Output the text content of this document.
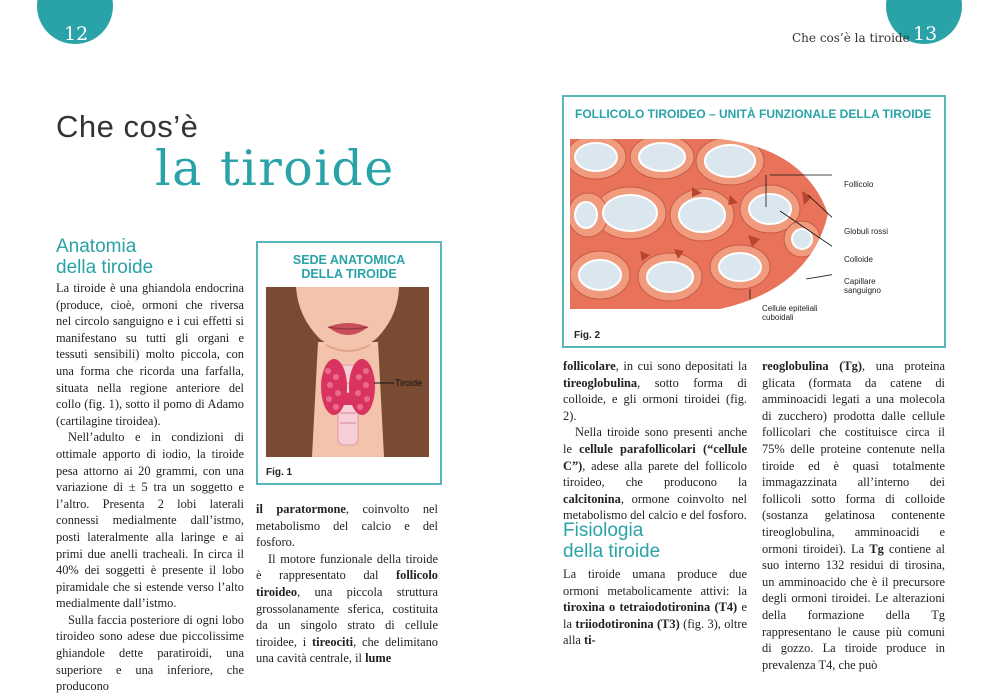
12
Che cos’è
la tiroide
Anatomia
della tiroide

La tiroide è una ghiandola endocrina (produce, cioè, ormoni che riversa nel circolo sanguigno e i cui effetti si manifestano su tutti gli organi e tessuti sensibili) molto piccola, con una forma che ricorda una farfalla, situata nella regione anteriore del collo (fig. 1), sotto il pomo di Adamo (cartilagine tiroidea).

Nell’adulto e in condizioni di ottimale apporto di iodio, la tiroide pesa attorno ai 20 grammi, con una variazione di ± 5 tra un soggetto e l’altro. Presenta 2 lobi laterali connessi medialmente dall’istmo, posti lateralmente alla laringe e ai primi due anelli tracheali. In circa il 40% dei soggetti è presente il lobo piramidale che si estende verso l’alto medialmente dall’istmo.

Sulla faccia posteriore di ogni lobo tiroideo sono adese due piccolissime ghiandole dette paratiroidi, una superiore e una inferiore, che producono

SEDE ANATOMICA
DELLA TIROIDE
Tiroide
Fig. 1

il paratormone, coinvolto nel metabolismo del calcio e del fosforo.

Il motore funzionale della tiroide è rappresentato dal follicolo tiroideo, una piccola struttura grossolanamente sferica, costituita da un singolo strato di cellule tiroidee, i tireociti, che delimitano una cavità centrale, il lume

13
Che cos’è la tiroide
FOLLICOLO TIROIDEO – UNITÀ FUNZIONALE DELLA TIROIDE
Follicolo
Globuli rossi
Colloide
Capillare
sanguigno
Cellule epiteliali
cuboidali
Fig. 2

follicolare, in cui sono depositati la tireoglobulina, sotto forma di colloide, e gli ormoni tiroidei (fig. 2).

Nella tiroide sono presenti anche le cellule parafollicolari (“cellule C”), adese alla parete del follicolo tiroideo, che producono la calcitonina, ormone coinvolto nel metabolismo del calcio e del fosforo.

Fisiologia
della tiroide

La tiroide umana produce due ormoni metabolicamente attivi: la tiroxina o tetraiodotironina (T4) e la triiodotironina (T3) (fig. 3), oltre alla ti-

reoglobulina (Tg), una proteina glicata (formata da catene di amminoacidi legati a una molecola di zucchero) prodotta dalle cellule follicolari che costituisce circa il 75% delle proteine contenute nella tiroide ed è quasi totalmente immagazzinata all’interno dei follicoli sotto forma di colloide (sostanza gelatinosa contenente tireoglobulina, amminoacidi e ormoni tiroidei). La Tg contiene al suo interno 132 residui di tirosina, un amminoacido che è il precursore degli ormoni tiroidei. Le alterazioni della formazione della Tg rappresentano le cause più comuni di gozzo. La tiroide produce in prevalenza T4, che può
